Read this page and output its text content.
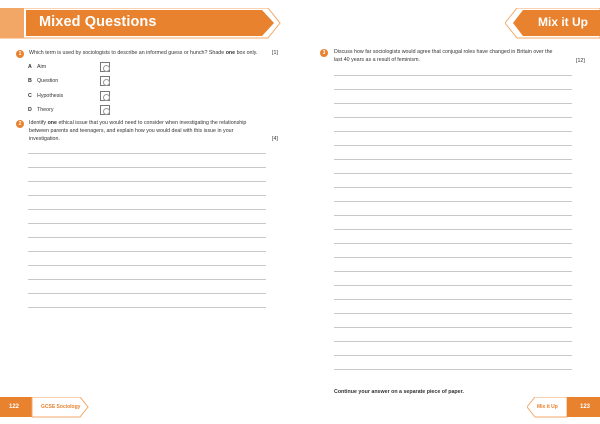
Mixed Questions	Mix it Up
1	Which term is used by sociologists to describe an informed guess or hunch? Shade one box only.	[1]
A Aim
B Question
C Hypothesis
D Theory
2	Identify one ethical issue that you would need to consider when investigating the relationship
between parents and teenagers, and explain how you would deal with this issue in your
investigation.	[4]
3	Discuss how far sociologists would agree that conjugal roles have changed in Britain over the
last 40 years as a result of feminism.	[12]
Continue your answer on a separate piece of paper.
122	GCSE Sociology	Mix it Up	123
